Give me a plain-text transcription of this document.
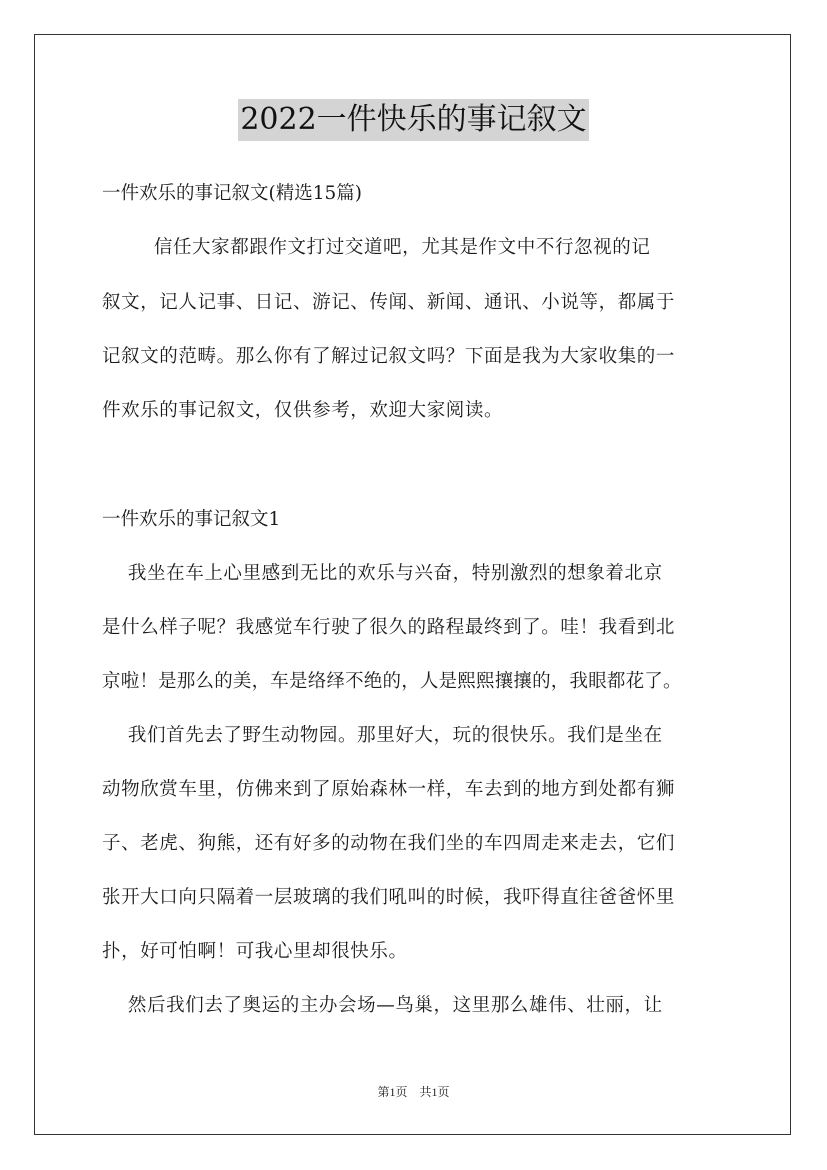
2022一件快乐的事记叙文
一件欢乐的事记叙文(精选15篇)
信任大家都跟作文打过交道吧，尤其是作文中不行忽视的记
叙文，记人记事、日记、游记、传闻、新闻、通讯、小说等，都属于
记叙文的范畴。那么你有了解过记叙文吗？下面是我为大家收集的一
件欢乐的事记叙文，仅供参考，欢迎大家阅读。
一件欢乐的事记叙文1
我坐在车上心里感到无比的欢乐与兴奋，特别激烈的想象着北京
是什么样子呢？我感觉车行驶了很久的路程最终到了。哇！我看到北
京啦！是那么的美，车是络绎不绝的，人是熙熙攘攘的，我眼都花了。
我们首先去了野生动物园。那里好大，玩的很快乐。我们是坐在
动物欣赏车里，仿佛来到了原始森林一样，车去到的地方到处都有狮
子、老虎、狗熊，还有好多的动物在我们坐的车四周走来走去，它们
张开大口向只隔着一层玻璃的我们吼叫的时候，我吓得直往爸爸怀里
扑，好可怕啊！可我心里却很快乐。
然后我们去了奥运的主办会场—鸟巢，这里那么雄伟、壮丽，让
第1页 共1页
